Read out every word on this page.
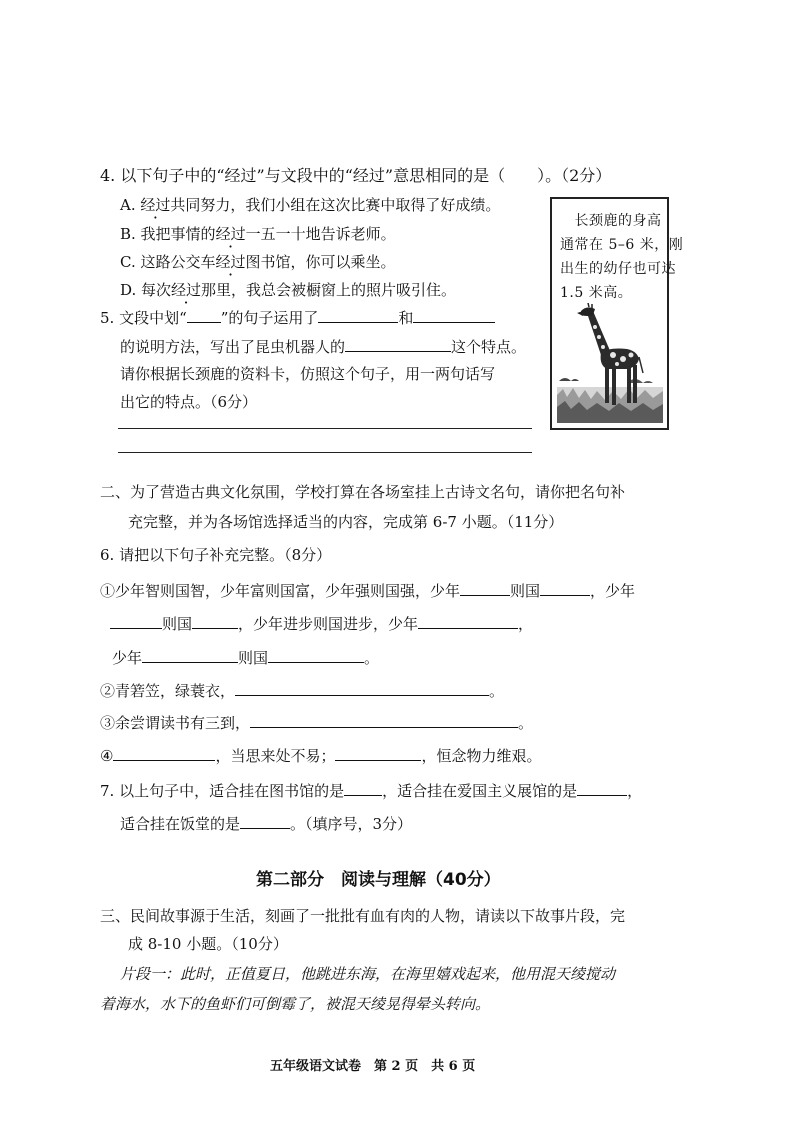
4. 以下句子中的“经过”与文段中的“经过”意思相同的是（　　）。（2分）
A. 经过共同努力，我们小组在这次比赛中取得了好成绩。
B. 我把事情的经过一五一十地告诉老师。
C. 这路公交车经过图书馆，你可以乘坐。
D. 每次经过那里，我总会被橱窗上的照片吸引住。
　长颈鹿的身高
通常在 5–6 米，刚
出生的幼仔也可达
1.5 米高。
5. 文段中划“ ”的句子运用了	和
的说明方法，写出了昆虫机器人的	这个特点。
请你根据长颈鹿的资料卡，仿照这个句子，用一两句话写
出它的特点。（6分）
二、为了营造古典文化氛围，学校打算在各场室挂上古诗文名句，请你把名句补
充完整，并为各场馆选择适当的内容，完成第 6-7 小题。（11分）
6. 请把以下句子补充完整。（8分）
①少年智则国智，少年富则国富，少年强则国强，少年	则国	，少年
则国	，少年进步则国进步，少年	，
少年	则国	。
②青箬笠，绿蓑衣，	。
③余尝谓读书有三到，	。
④	，当思来处不易；	，恒念物力维艰。
7. 以上句子中，适合挂在图书馆的是	，适合挂在爱国主义展馆的是	，
适合挂在饭堂的是	。（填序号，3分）
第二部分　阅读与理解（40分）
三、民间故事源于生活，刻画了一批批有血有肉的人物，请读以下故事片段，完
成 8-10 小题。（10分）
片段一：此时，正值夏日，他跳进东海，在海里嬉戏起来，他用混天绫搅动
着海水，水下的鱼虾们可倒霉了，被混天绫晃得晕头转向。
五年级语文试卷　第 2 页　共 6 页
